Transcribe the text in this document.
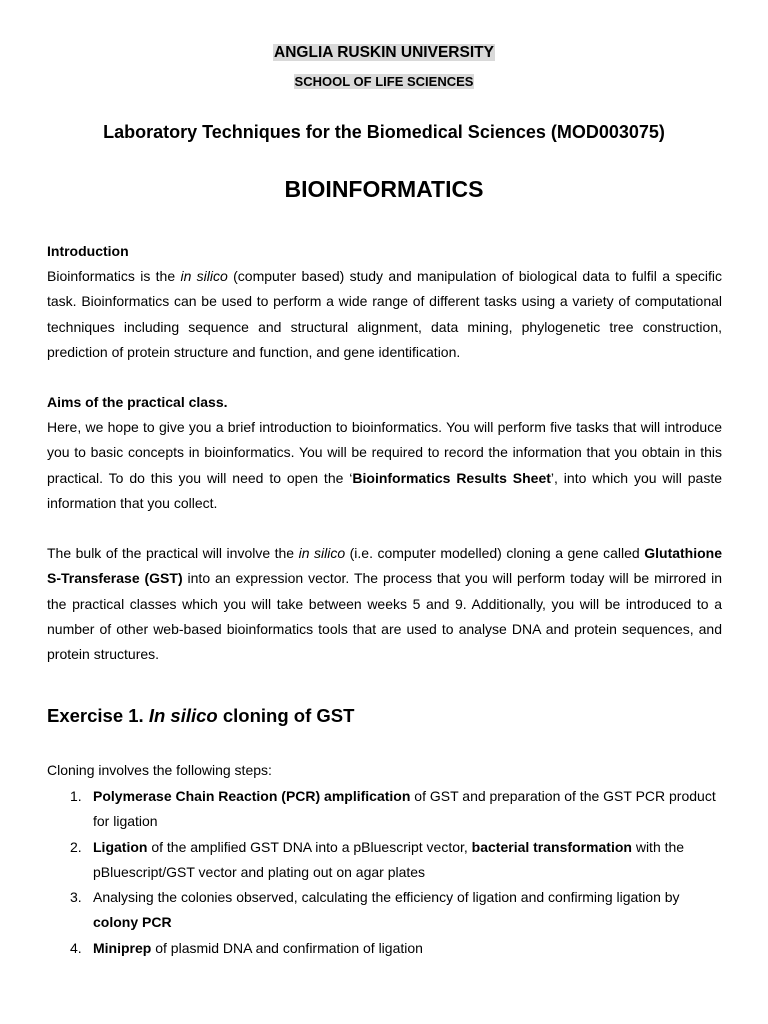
ANGLIA RUSKIN UNIVERSITY
SCHOOL OF LIFE SCIENCES
Laboratory Techniques for the Biomedical Sciences (MOD003075)
BIOINFORMATICS
Introduction

Bioinformatics is the in silico (computer based) study and manipulation of biological data to fulfil a specific task. Bioinformatics can be used to perform a wide range of different tasks using a variety of computational techniques including sequence and structural alignment, data mining, phylogenetic tree construction, prediction of protein structure and function, and gene identification.

Aims of the practical class.

Here, we hope to give you a brief introduction to bioinformatics. You will perform five tasks that will introduce you to basic concepts in bioinformatics. You will be required to record the information that you obtain in this practical. To do this you will need to open the ‘Bioinformatics Results Sheet’, into which you will paste information that you collect.

The bulk of the practical will involve the in silico (i.e. computer modelled) cloning a gene called Glutathione S-Transferase (GST) into an expression vector. The process that you will perform today will be mirrored in the practical classes which you will take between weeks 5 and 9. Additionally, you will be introduced to a number of other web-based bioinformatics tools that are used to analyse DNA and protein sequences, and protein structures.

Exercise 1. In silico cloning of GST
Cloning involves the following steps:
1. Polymerase Chain Reaction (PCR) amplification of GST and preparation of the GST PCR product for ligation
2. Ligation of the amplified GST DNA into a pBluescript vector, bacterial transformation with the pBluescript/GST vector and plating out on agar plates
3. Analysing the colonies observed, calculating the efficiency of ligation and confirming ligation by colony PCR
4. Miniprep of plasmid DNA and confirmation of ligation
